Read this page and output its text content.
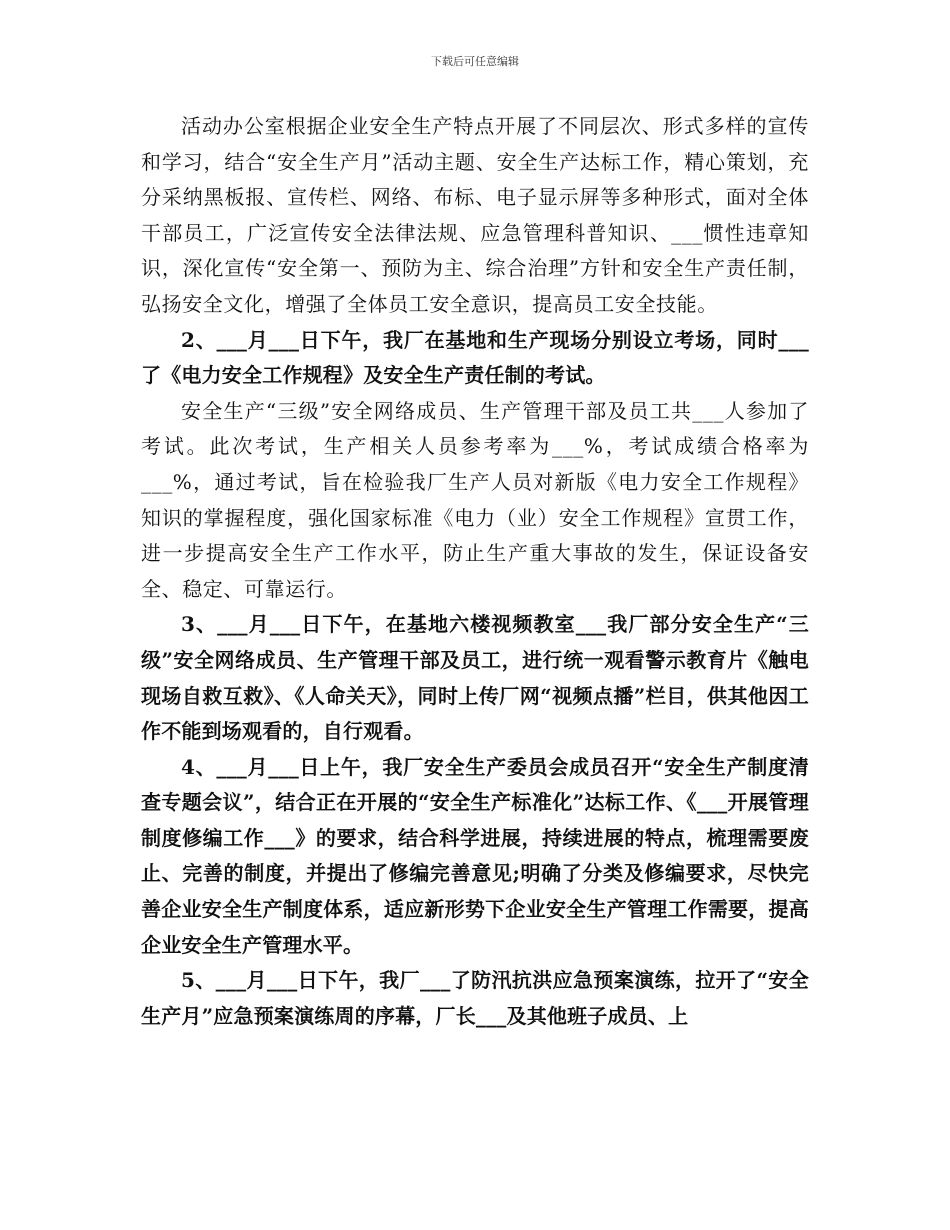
下载后可任意编辑

活动办公室根据企业安全生产特点开展了不同层次、形式多样的宣传和学习，结合“安全生产月”活动主题、安全生产达标工作，精心策划，充分采纳黑板报、宣传栏、网络、布标、电子显示屏等多种形式，面对全体干部员工，广泛宣传安全法律法规、应急管理科普知识、___惯性违章知识，深化宣传“安全第一、预防为主、综合治理”方针和安全生产责任制，弘扬安全文化，增强了全体员工安全意识，提高员工安全技能。

2、___月___日下午，我厂在基地和生产现场分别设立考场，同时___了《电力安全工作规程》及安全生产责任制的考试。

安全生产“三级”安全网络成员、生产管理干部及员工共___人参加了考试。此次考试，生产相关人员参考率为___%，考试成绩合格率为___%，通过考试，旨在检验我厂生产人员对新版《电力安全工作规程》知识的掌握程度，强化国家标准《电力（业）安全工作规程》宣贯工作，进一步提高安全生产工作水平，防止生产重大事故的发生，保证设备安全、稳定、可靠运行。

3、___月___日下午，在基地六楼视频教室___我厂部分安全生产“三级”安全网络成员、生产管理干部及员工，进行统一观看警示教育片《触电现场自救互救》、《人命关天》，同时上传厂网“视频点播”栏目，供其他因工作不能到场观看的，自行观看。

4、___月___日上午，我厂安全生产委员会成员召开“安全生产制度清查专题会议”，结合正在开展的“安全生产标准化”达标工作、《___开展管理制度修编工作___》的要求，结合科学进展，持续进展的特点，梳理需要废止、完善的制度，并提出了修编完善意见;明确了分类及修编要求，尽快完善企业安全生产制度体系，适应新形势下企业安全生产管理工作需要，提高企业安全生产管理水平。

5、___月___日下午，我厂___了防汛抗洪应急预案演练，拉开了“安全生产月”应急预案演练周的序幕，厂长___及其他班子成员、上
